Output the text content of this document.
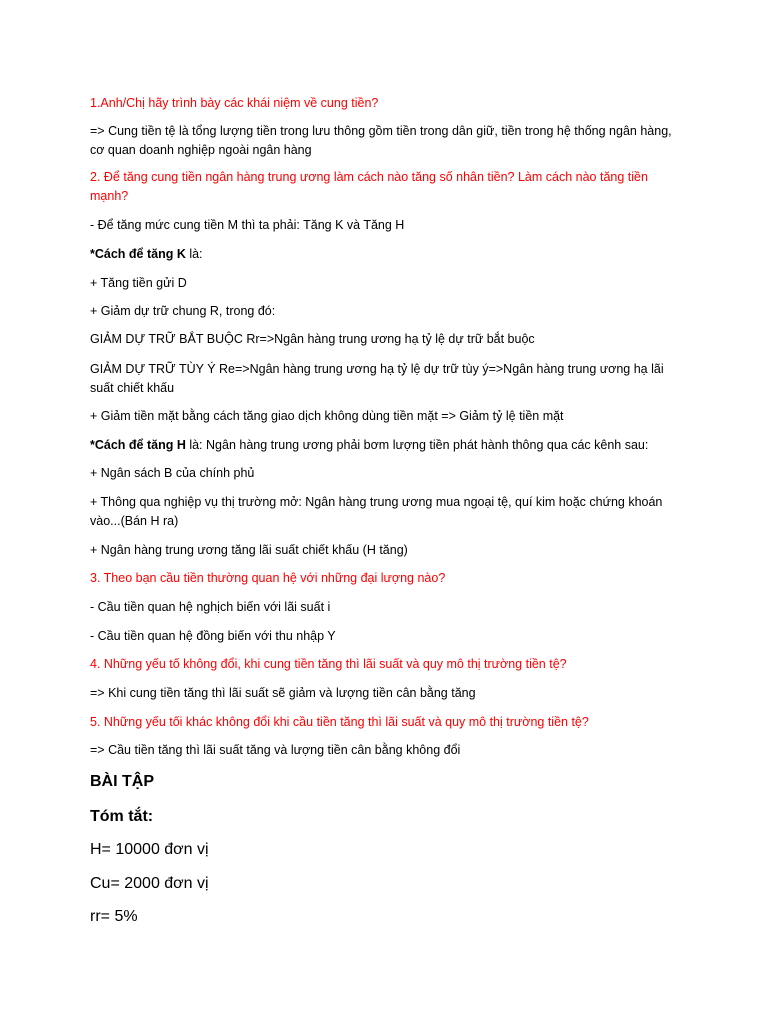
1.Anh/Chị hãy trình bày các khái niệm về cung tiền?

=> Cung tiền tệ là tổng lượng tiền trong lưu thông gồm tiền trong dân giữ, tiền trong hệ thống ngân hàng, cơ quan doanh nghiệp ngoài ngân hàng

2. Để tăng cung tiền ngân hàng trung ương làm cách nào tăng số nhân tiền? Làm cách nào tăng tiền mạnh?

- Để tăng mức cung tiền M thì ta phải: Tăng K và Tăng H

*Cách để tăng K là:

+ Tăng tiền gửi D

+ Giảm dự trữ chung R, trong đó:

GIẢM DỰ TRỮ BẮT BUỘC Rr=>Ngân hàng trung ương hạ tỷ lệ dự trữ bắt buộc

GIẢM DỰ TRỮ TÙY Ý Re=>Ngân hàng trung ương hạ tỷ lệ dự trữ tùy ý=>Ngân hàng trung ương hạ lãi suất chiết khấu

+ Giảm tiền mặt bằng cách tăng giao dịch không dùng tiền mặt => Giảm tỷ lệ tiền mặt

*Cách để tăng H là: Ngân hàng trung ương phải bơm lượng tiền phát hành thông qua các kênh sau:

+ Ngân sách B của chính phủ

+ Thông qua nghiệp vụ thị trường mở: Ngân hàng trung ương mua ngoại tệ, quí kim hoặc chứng khoán vào...(Bán H ra)

+ Ngân hàng trung ương tăng lãi suất chiết khấu (H tăng)

3. Theo bạn cầu tiền thường quan hệ với những đại lượng nào?

- Cầu tiền quan hệ nghịch biến với lãi suất i

- Cầu tiền quan hệ đồng biến với thu nhập Y

4. Những yếu tố không đổi, khi cung tiền tăng thì lãi suất và quy mô thị trường tiền tệ?

=> Khi cung tiền tăng thì lãi suất sẽ giảm và lượng tiền cân bằng tăng

5. Những yếu tối khác không đổi khi cầu tiền tăng thì lãi suất và quy mô thị trường tiền tệ?

=> Cầu tiền tăng thì lãi suất tăng và lượng tiền cân bằng không đổi

BÀI TẬP

Tóm tắt:

H= 10000 đơn vị

Cu= 2000 đơn vị

rr= 5%
